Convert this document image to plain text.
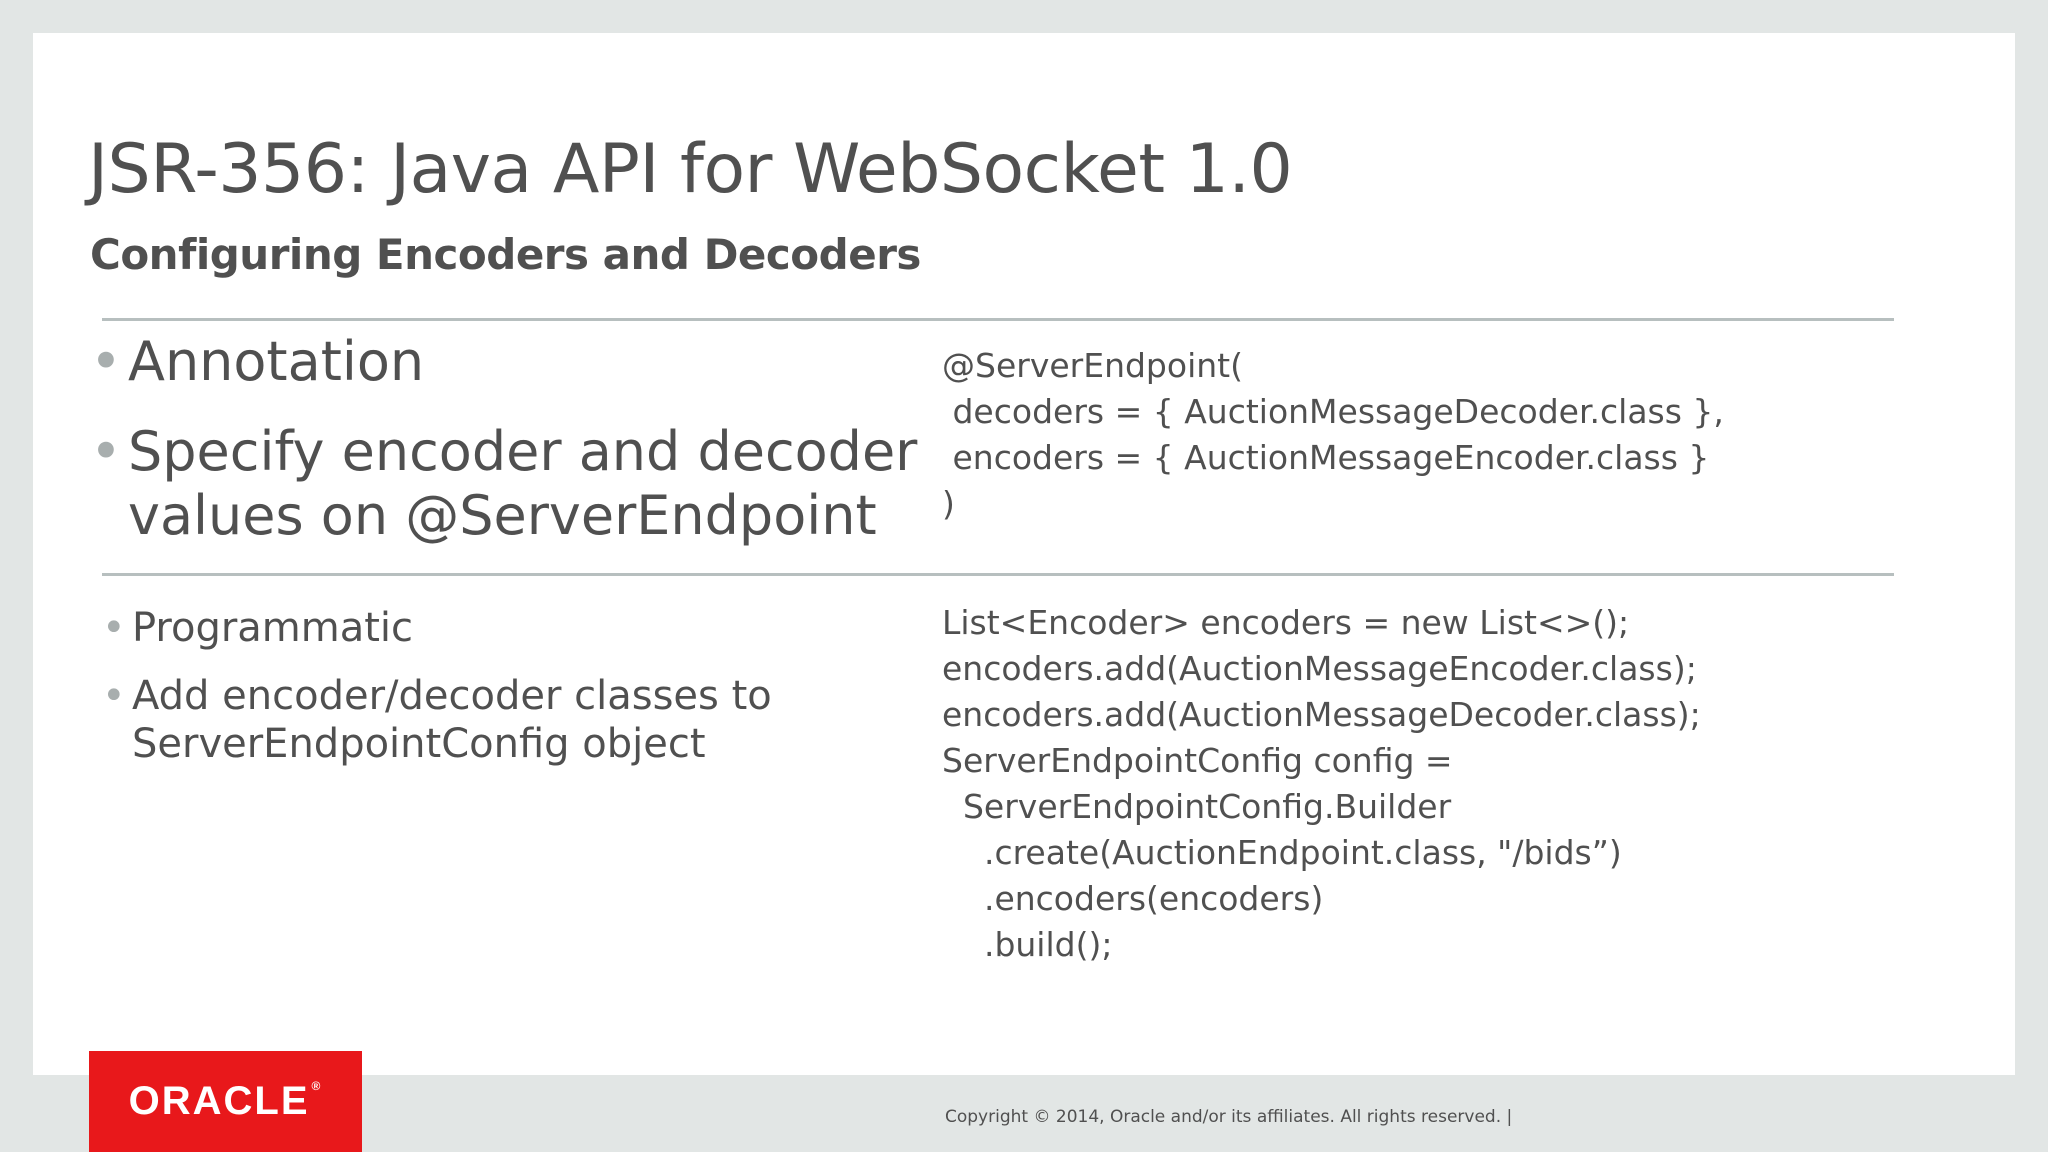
JSR-356: Java API for WebSocket 1.0
Configuring Encoders and Decoders
• Annotation
• Specify encoder and decoder
values on @ServerEndpoint
@ServerEndpoint(
decoders = { AuctionMessageDecoder.class },
encoders = { AuctionMessageEncoder.class }
)
• Programmatic
• Add encoder/decoder classes to
ServerEndpointConfig object
List<Encoder> encoders = new List<>();
encoders.add(AuctionMessageEncoder.class);
encoders.add(AuctionMessageDecoder.class);
ServerEndpointConfig config =
ServerEndpointConfig.Builder
.create(AuctionEndpoint.class, "/bids”)
.encoders(encoders)
.build();
ORACLE ®
Copyright © 2014, Oracle and/or its affiliates. All rights reserved. |
